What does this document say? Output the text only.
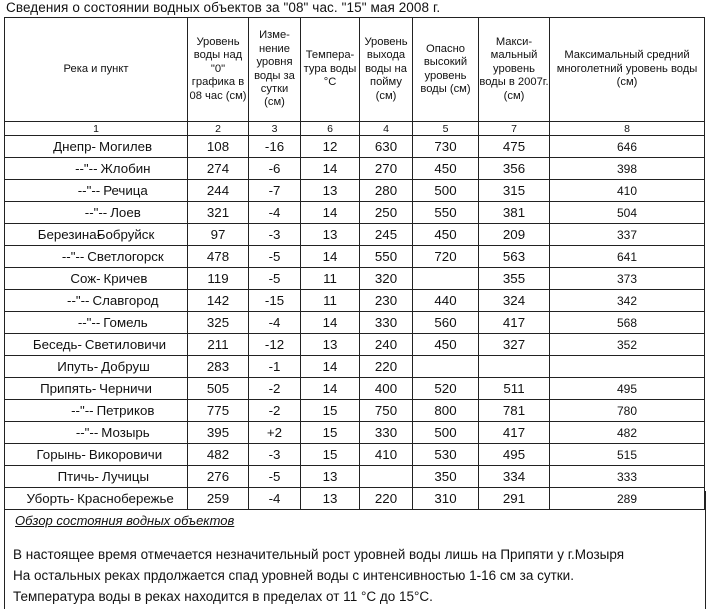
Сведения о состоянии водных объектов за "08" час. "15" мая 2008 г.
Река и пункт	Уровень воды над "0" графика в 08 час (см)	Изме-нение уровня воды за сутки (см)	Темпера-тура воды °С	Уровень выхода воды на пойму (см)	Опасно высокий уровень воды (см)	Макси-мальный уровень воды в 2007г. (см)	Максимальный средний многолетний уровень воды (см)
1	2	3	6	4	5	7	8
Днепр- Могилев	108	-16	12	630	730	475	646
--"-- Жлобин	274	-6	14	270	450	356	398
--"-- Речица	244	-7	13	280	500	315	410
--"-- Лоев	321	-4	14	250	550	381	504
Березина-Бобруйск	97	-3	13	245	450	209	337
--"-- Светлогорск	478	-5	14	550	720	563	641
Сож- Кричев	119	-5	11	320		355	373
--"-- Славгород	142	-15	11	230	440	324	342
--"-- Гомель	325	-4	14	330	560	417	568
Беседь- Светиловичи	211	-12	13	240	450	327	352
Ипуть- Добруш	283	-1	14	220			
Припять- Черничи	505	-2	14	400	520	511	495
--"-- Петриков	775	-2	15	750	800	781	780
--"-- Мозырь	395	+2	15	330	500	417	482
Горынь- Викоровичи	482	-3	15	410	530	495	515
Птичь- Лучицы	276	-5	13		350	334	333
Уборть- Краснобережье	259	-4	13	220	310	291	289
Обзор состояния водных объектов
В настоящее время отмечается незначительный рост уровней воды лишь на Припяти у г.Мозыря
На остальных реках прдолжается спад уровней воды с интенсивностью 1-16 см за сутки.
Температура воды в реках находится в пределах от 11 °С до 15°С.
